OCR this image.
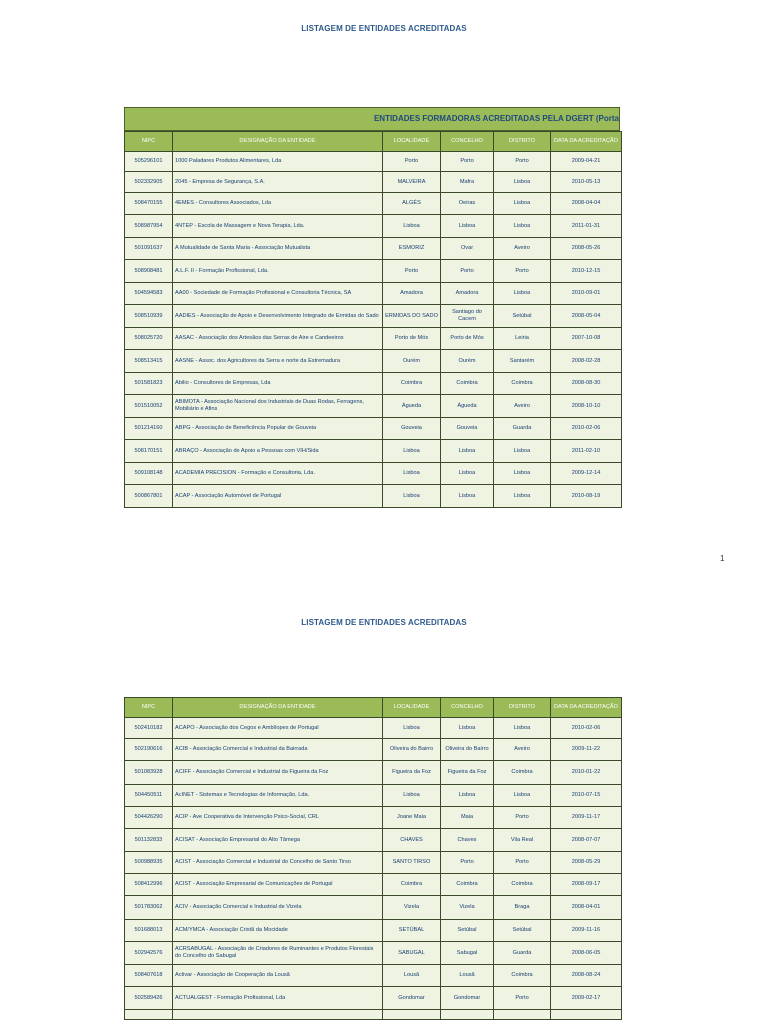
LISTAGEM DE ENTIDADES ACREDITADAS
ENTIDADES FORMADORAS ACREDITADAS PELA DGERT (Porta
NIPC	DESIGNAÇÃO DA ENTIDADE	LOCALIDADE	CONCELHO	DISTRITO	DATA DA ACREDITAÇÃO
505296101	1000 Paladares Produtos Alimentares, Lda	Porto	Porto	Porto	2009-04-21
502332905	2045 - Empresa de Segurança, S.A.	MALVEIRA	Mafra	Lisboa	2010-05-13
508470155	4EMES - Consultores Associados, Lda	ALGÉS	Oeiras	Lisboa	2008-04-04
508987954	4NTEP - Escola de Massagem e Nova Terapia, Lda.	Lisboa	Lisboa	Lisboa	2011-01-31
501091637	A Mutualidade de Santa Maria - Associação Mutualista	ESMORIZ	Ovar	Aveiro	2008-05-26
508908481	A.L.F. II - Formação Profissional, Lda.	Porto	Porto	Porto	2010-12-15
504594583	AA00 - Sociedade de Formação Profissional e Consultoria Técnica, SA	Amadora	Amadora	Lisboa	2010-09-01
508510939	AADIES - Associação de Apoio e Desenvolvimento Integrado de Ermidas do Sado	ERMIDAS DO SADO	Santiago do Cacem	Setúbal	2008-05-04
508025720	AASAC - Associação dos Artesãos das Serras de Aire e Candeeiros	Porto de Mós	Porto de Mós	Leiria	2007-10-08
508513415	AASNE - Assoc. dos Agricultores da Serra e norte da Estremadura	Ourém	Ourém	Santarém	2008-02-28
501581823	Abilio - Consultores de Empresas, Lda	Coimbra	Coimbra	Coimbra	2008-08-30
501510052	ABIMOTA - Associação Nacional dos Industriais de Duas Rodas, Ferragens, Mobiliário e Afins	Águeda	Águeda	Aveiro	2008-10-10
501214160	ABPG - Associação de Beneficência Popular de Gouveia	Gouveia	Gouveia	Guarda	2010-02-06
508170151	ABRAÇO - Associação de Apoio a Pessoas com VIH/Sida	Lisboa	Lisboa	Lisboa	2011-02-10
509108148	ACADEMIA PRECISION - Formação e Consultoria, Lda.	Lisboa	Lisboa	Lisboa	2009-12-14
500867801	ACAP - Associação Automóvel de Portugal	Lisboa	Lisboa	Lisboa	2010-08-19
1
LISTAGEM DE ENTIDADES ACREDITADAS
NIPC	DESIGNAÇÃO DA ENTIDADE	LOCALIDADE	CONCELHO	DISTRITO	DATA DA ACREDITAÇÃO
502410182	ACAPO - Associação dos Cegos e Amblíopes de Portugal	Lisboa	Lisboa	Lisboa	2010-02-06
502190616	ACIB - Associação Comercial e Industrial da Bairrada	Oliveira do Bairro	Oliveira do Bairro	Aveiro	2009-11-22
501083928	ACIFF - Associação Comercial e Industrial da Figueira da Foz	Figueira da Foz	Figueira da Foz	Coimbra	2010-01-22
504450511	AcINET - Sistemas e Tecnologias de Informação, Lda.	Lisboa	Lisboa	Lisboa	2010-07-15
504426290	ACIP - Ave Cooperativa de Intervenção Psico-Social, CRL	Joane Maia	Maia	Porto	2009-11-17
501132833	ACISAT - Associação Empresarial do Alto Tâmega	CHAVES	Chaves	Vila Real	2008-07-07
500988935	ACIST - Associação Comercial e Industrial do Concelho de Santo Tirso	SANTO TIRSO	Porto	Porto	2008-05-29
508412996	ACIST - Associação Empresarial de Comunicações de Portugal	Coimbra	Coimbra	Coimbra	2008-09-17
501783062	ACIV - Associação Comercial e Industrial de Vizela	Vizela	Vizela	Braga	2008-04-01
501688013	ACM/YMCA - Associação Cristã da Mocidade	SETÚBAL	Setúbal	Setúbal	2009-11-16
502942576	ACRSABUGAL - Associação de Criadores de Ruminantes e Produtos Florestais do Concelho do Sabugal	SABUGAL	Sabugal	Guarda	2008-06-05
508407618	Activar - Associação de Cooperação da Lousã	Lousã	Lousã	Coimbra	2008-08-24
502589426	ACTUALGEST - Formação Profissional, Lda	Gondomar	Gondomar	Porto	2009-02-17
